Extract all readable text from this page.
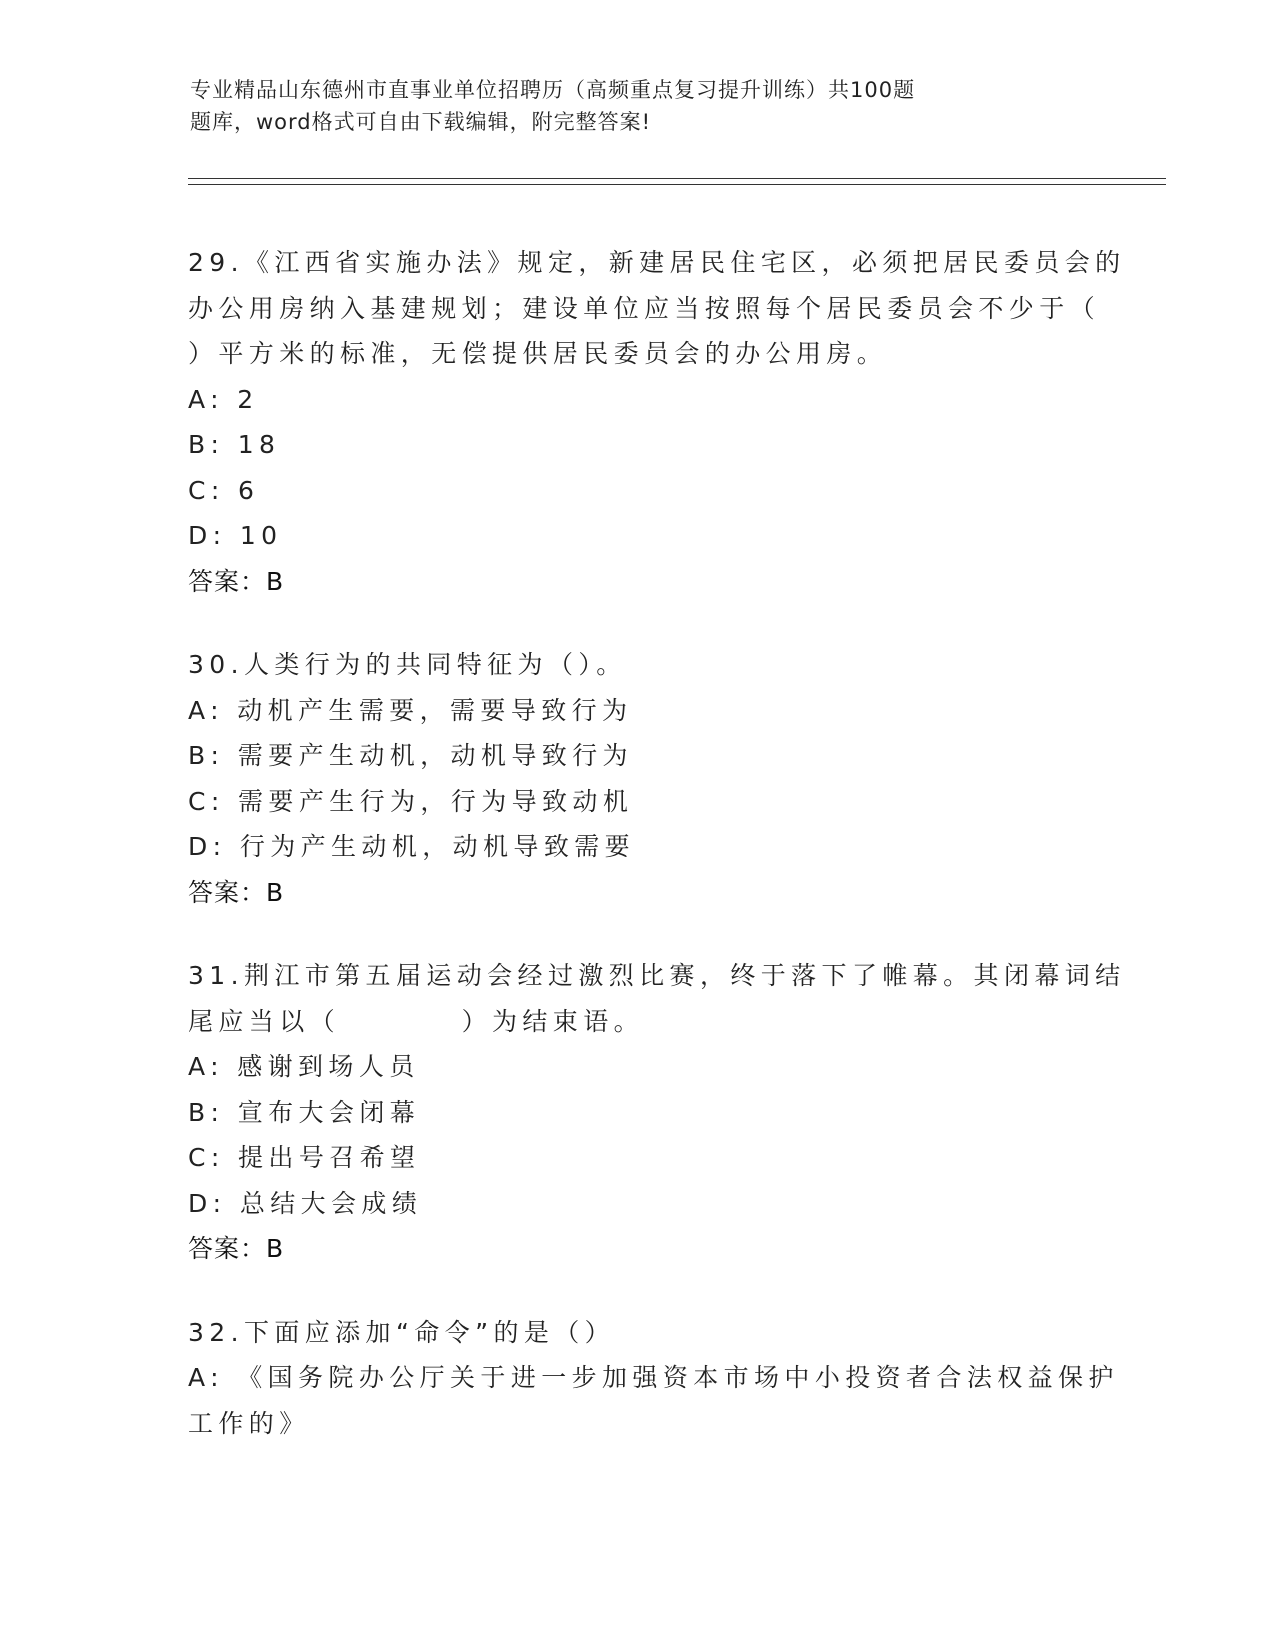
专业精品山东德州市直事业单位招聘历（高频重点复习提升训练）共100题
题库，word格式可自由下载编辑，附完整答案!
29.《江西省实施办法》规定，新建居民住宅区，必须把居民委员会的
办公用房纳入基建规划；建设单位应当按照每个居民委员会不少于（
）平方米的标准，无偿提供居民委员会的办公用房。
A: 2
B: 18
C: 6
D: 10
答案：B
30.人类行为的共同特征为（）。
A: 动机产生需要，需要导致行为
B: 需要产生动机，动机导致行为
C: 需要产生行为，行为导致动机
D: 行为产生动机，动机导致需要
答案：B
31.荆江市第五届运动会经过激烈比赛，终于落下了帷幕。其闭幕词结
尾应当以（　　　　）为结束语。
A: 感谢到场人员
B: 宣布大会闭幕
C: 提出号召希望
D: 总结大会成绩
答案：B
32.下面应添加“命令”的是（）
A: 《国务院办公厅关于进一步加强资本市场中小投资者合法权益保护
工作的》
